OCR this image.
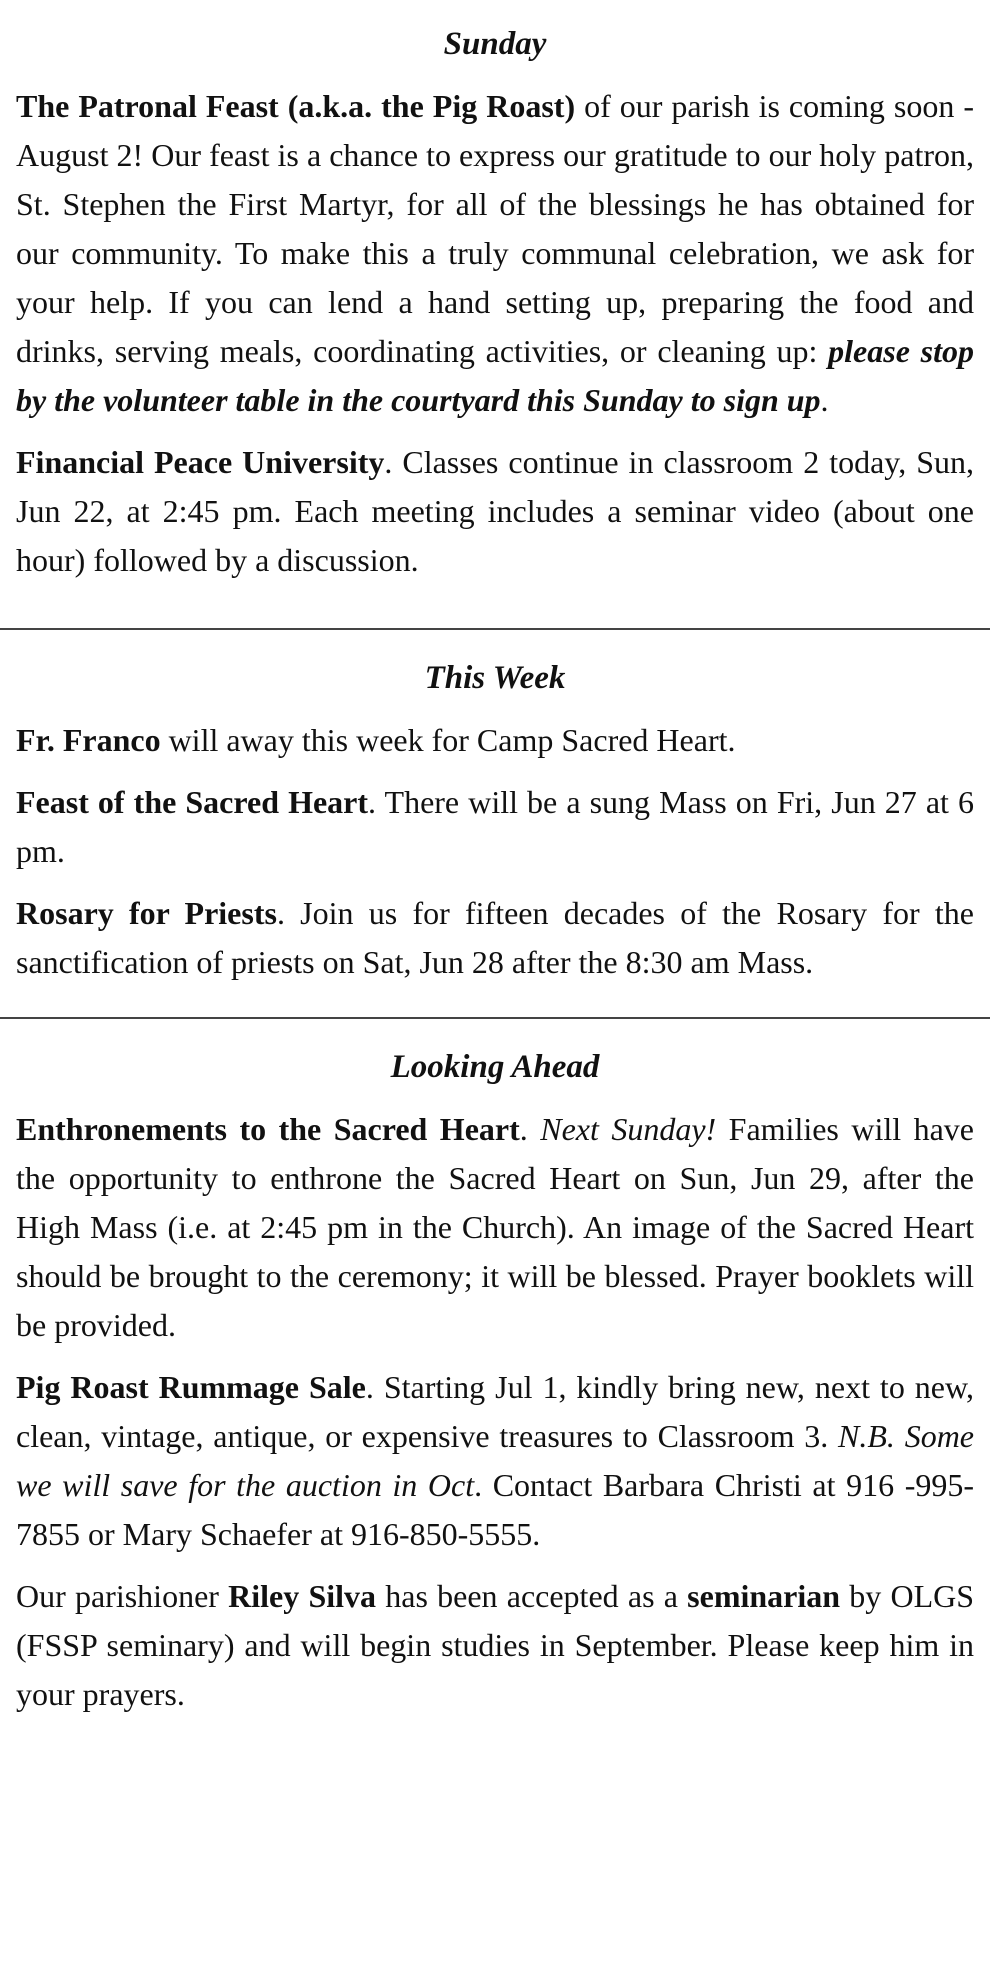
Sunday

The Patronal Feast (a.k.a. the Pig Roast) of our parish is coming soon - August 2! Our feast is a chance to express our gratitude to our holy patron, St. Stephen the First Martyr, for all of the blessings he has obtained for our community. To make this a truly communal celebration, we ask for your help. If you can lend a hand setting up, preparing the food and drinks, serving meals, coordinating activities, or cleaning up: please stop by the volunteer table in the courtyard this Sunday to sign up.

Financial Peace University. Classes continue in classroom 2 today, Sun, Jun 22, at 2:45 pm. Each meeting includes a seminar video (about one hour) followed by a discussion.

This Week

Fr. Franco will away this week for Camp Sacred Heart.

Feast of the Sacred Heart. There will be a sung Mass on Fri, Jun 27 at 6 pm.

Rosary for Priests. Join us for fifteen decades of the Rosary for the sanctification of priests on Sat, Jun 28 after the 8:30 am Mass.

Looking Ahead

Enthronements to the Sacred Heart. Next Sunday! Families will have the opportunity to enthrone the Sacred Heart on Sun, Jun 29, after the High Mass (i.e. at 2:45 pm in the Church). An image of the Sacred Heart should be brought to the ceremony; it will be blessed. Prayer booklets will be provided.

Pig Roast Rummage Sale. Starting Jul 1, kindly bring new, next to new, clean, vintage, antique, or expensive treasures to Classroom 3. N.B. Some we will save for the auction in Oct. Contact Barbara Christi at 916 -995-7855 or Mary Schaefer at 916-850-5555.

Our parishioner Riley Silva has been accepted as a seminarian by OLGS (FSSP seminary) and will begin studies in September. Please keep him in your prayers.
